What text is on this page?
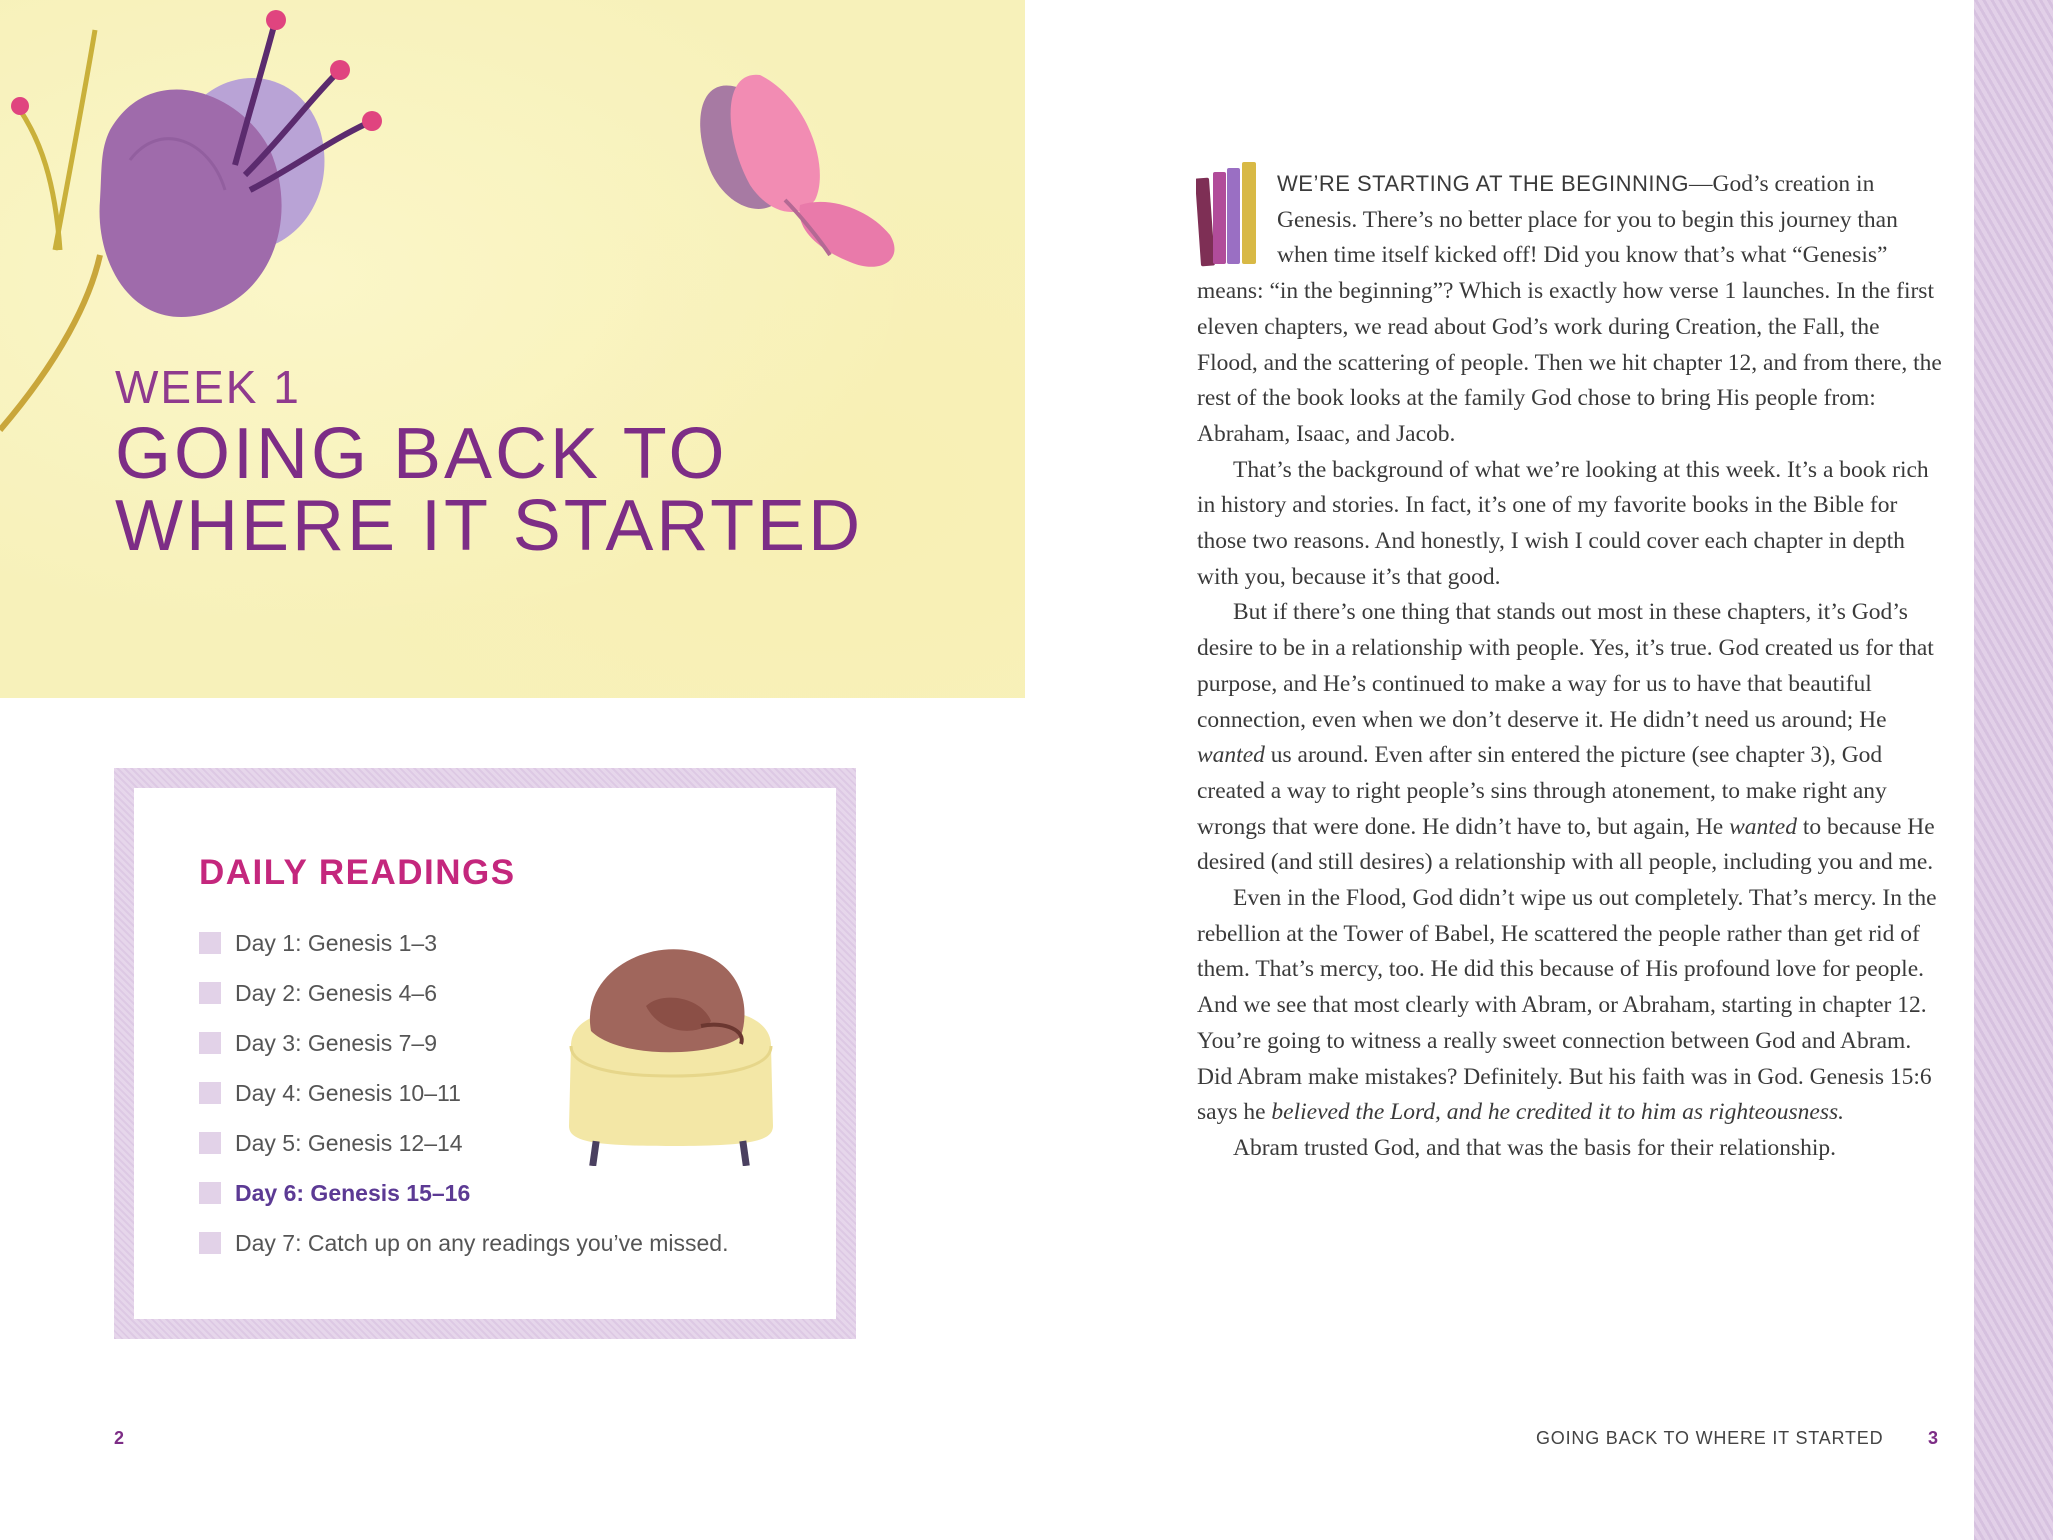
WEEK 1
GOING BACK TO
WHERE IT STARTED
DAILY READINGS
Day 1: Genesis 1–3
Day 2: Genesis 4–6
Day 3: Genesis 7–9
Day 4: Genesis 10–11
Day 5: Genesis 12–14
Day 6: Genesis 15–16
Day 7: Catch up on any readings you’ve missed.
2

WE’RE STARTING AT THE BEGINNING—God’s creation in Genesis. There’s no better place for you to begin this journey than when time itself kicked off! Did you know that’s what “Genesis” means: “in the beginning”? Which is exactly how verse 1 launches. In the first eleven chapters, we read about God’s work during Creation, the Fall, the Flood, and the scattering of people. Then we hit chapter 12, and from there, the rest of the book looks at the family God chose to bring His people from: Abraham, Isaac, and Jacob.

That’s the background of what we’re looking at this week. It’s a book rich in history and stories. In fact, it’s one of my favorite books in the Bible for those two reasons. And honestly, I wish I could cover each chapter in depth with you, because it’s that good.

But if there’s one thing that stands out most in these chapters, it’s God’s desire to be in a relationship with people. Yes, it’s true. God created us for that purpose, and He’s continued to make a way for us to have that beautiful connection, even when we don’t deserve it. He didn’t need us around; He wanted us around. Even after sin entered the picture (see chapter 3), God created a way to right people’s sins through atonement, to make right any wrongs that were done. He didn’t have to, but again, He wanted to because He desired (and still desires) a relationship with all people, including you and me.

Even in the Flood, God didn’t wipe us out completely. That’s mercy. In the rebellion at the Tower of Babel, He scattered the people rather than get rid of them. That’s mercy, too. He did this because of His profound love for people. And we see that most clearly with Abram, or Abraham, starting in chapter 12. You’re going to witness a really sweet connection between God and Abram. Did Abram make mistakes? Definitely. But his faith was in God. Genesis 15:6 says he believed the Lord, and he credited it to him as righteousness.

Abram trusted God, and that was the basis for their relationship.

GOING BACK TO WHERE IT STARTED 3
